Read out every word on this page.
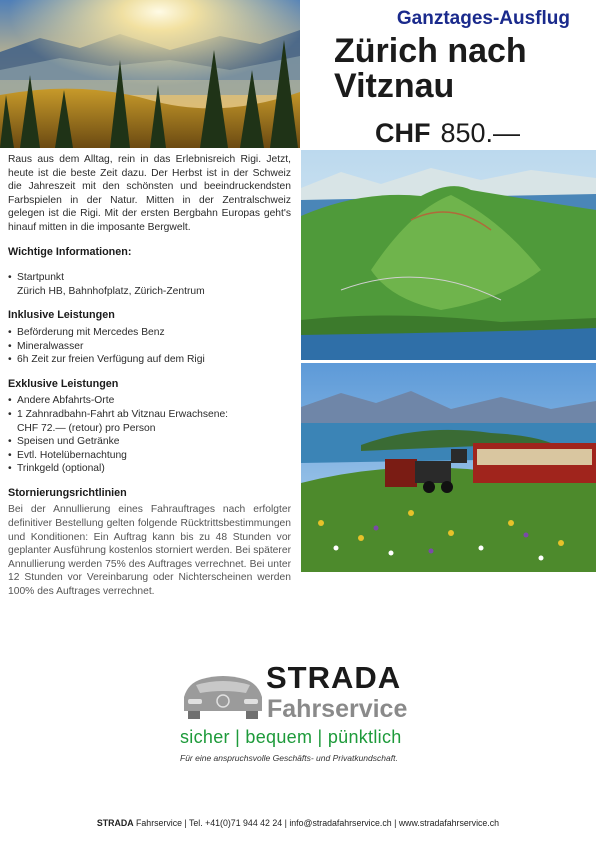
Ganztages-Ausflug
Zürich nach
Vitznau
CHF 850.—

Raus aus dem Alltag, rein in das Erlebnisreich Rigi. Jetzt, heute ist die beste Zeit dazu. Der Herbst ist in der Schweiz die Jahreszeit mit den schönsten und beeindruckendsten Farbspielen in der Natur. Mitten in der Zentralschweiz gelegen ist die Rigi. Mit der ersten Bergbahn Europas geht's hinauf mitten in die imposante Bergwelt.

Wichtige Informationen:
• Startpunkt
Zürich HB, Bahnhofplatz, Zürich-Zentrum
Inklusive Leistungen
• Beförderung mit Mercedes Benz
• Mineralwasser
• 6h Zeit zur freien Verfügung auf dem Rigi
Exklusive Leistungen
• Andere Abfahrts-Orte
• 1 Zahnradbahn-Fahrt ab Vitznau Erwachsene:
CHF 72.— (retour) pro Person
• Speisen und Getränke
• Evtl. Hotelübernachtung
• Trinkgeld (optional)
Stornierungsrichtlinien

Bei der Annullierung eines Fahrauftrages nach erfolgter definitiver Bestellung gelten folgende Rücktrittsbestimmungen und Konditionen: Ein Auftrag kann bis zu 48 Stunden vor geplanter Ausführung kostenlos storniert werden. Bei späterer Annullierung werden 75% des Auftrages verrechnet. Bei unter 12 Stunden vor Vereinbarung oder Nichterscheinen werden 100% des Auftrages verrechnet.

STRADA
Fahrservice
sicher | bequem | pünktlich
Für eine anspruchsvolle Geschäfts- und Privatkundschaft.
STRADA Fahrservice | Tel. +41(0)71 944 42 24 | info@stradafahrservice.ch | www.stradafahrservice.ch
